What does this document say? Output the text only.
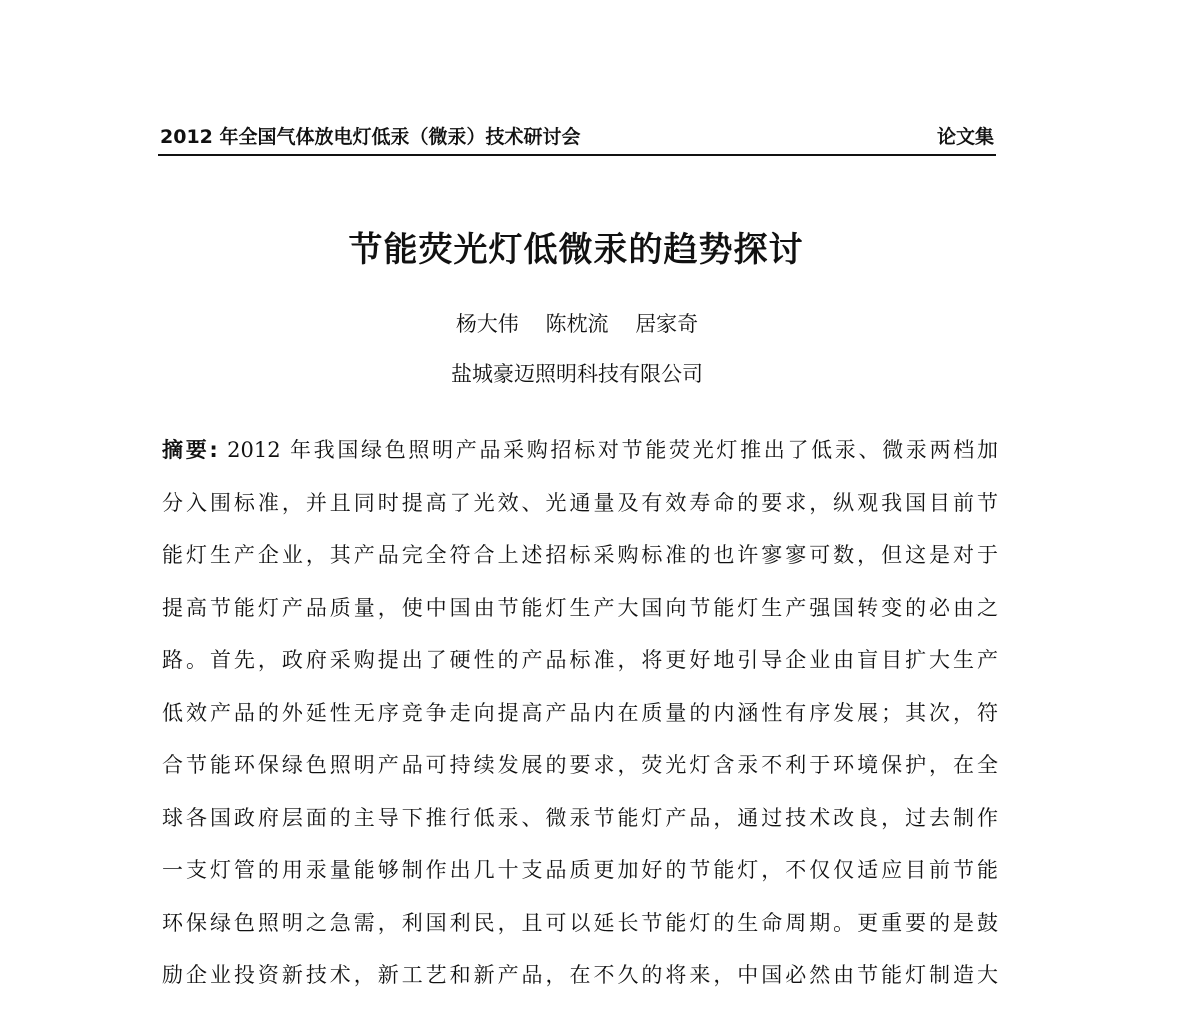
2012 年全国气体放电灯低汞（微汞）技术研讨会	论文集
节能荧光灯低微汞的趋势探讨
杨大伟 陈枕流 居家奇
盐城豪迈照明科技有限公司
摘要: 2012 年我国绿色照明产品采购招标对节能荧光灯推出了低汞、微汞两档加
分入围标准，并且同时提高了光效、光通量及有效寿命的要求，纵观我国目前节
能灯生产企业，其产品完全符合上述招标采购标准的也许寥寥可数，但这是对于
提高节能灯产品质量，使中国由节能灯生产大国向节能灯生产强国转变的必由之
路。首先，政府采购提出了硬性的产品标准，将更好地引导企业由盲目扩大生产
低效产品的外延性无序竞争走向提高产品内在质量的内涵性有序发展；其次，符
合节能环保绿色照明产品可持续发展的要求，荧光灯含汞不利于环境保护，在全
球各国政府层面的主导下推行低汞、微汞节能灯产品，通过技术改良，过去制作
一支灯管的用汞量能够制作出几十支品质更加好的节能灯，不仅仅适应目前节能
环保绿色照明之急需，利国利民，且可以延长节能灯的生命周期。更重要的是鼓
励企业投资新技术，新工艺和新产品，在不久的将来，中国必然由节能灯制造大
